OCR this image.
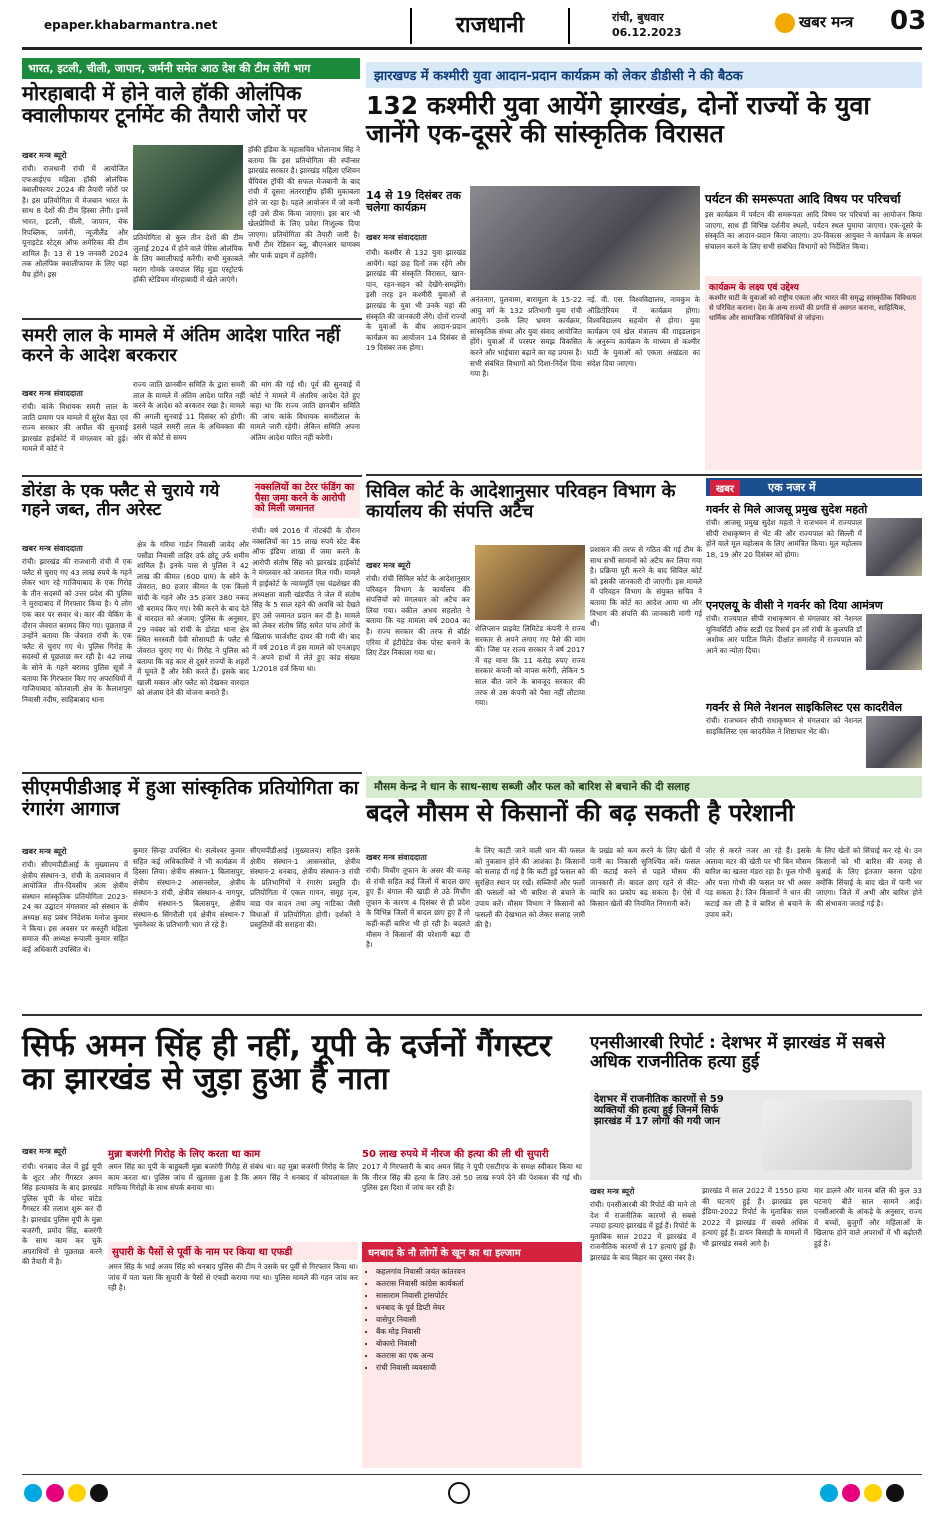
epaper.khabarmantra.net	राजधानी	रांची, बुधवार
06.12.2023
खबर मन्त्र 03
भारत, इटली, चीली, जापान, जर्मनी समेत आठ देश की टीम लेंगी भाग
मोरहाबादी में होने वाले हॉकी ओलंपिक क्वालीफायर टूर्नामेंट की तैयारी जोरों पर
खबर मन्त्र ब्यूरो
रांची। राजधानी रांची में आयोजित एफआईएच महिला हॉकी ओलंपिक क्वालीफायर 2024 की तैयारी जोरों पर है। इस प्रतियोगिता में मेजबान भारत के साथ 8 देशों की टीम हिस्सा लेंगी। इनमें भारत, इटली, चीली, जापान, चेक रिपब्लिक, जर्मनी, न्यूजीलैंड और यूनाइटेड स्टेट्स ऑफ अमेरिका की टीम शामिल हैं। 13 से 19 जनवरी 2024 तक ओलंपिक क्वालीफायर के लिए यहां मैच होंगे। इस
प्रतियोगिता से कुल तीन देशों की टीम जुलाई 2024 में होने वाले पेरिस ओलंपिक के लिए क्वालीफाई करेंगी। सभी मुकाबले मरांग गोमके जयपाल सिंह मुंडा एस्ट्रोटर्फ हॉकी स्टेडियम मोरहाबादी में खेले जाएंगे।
हॉकी इंडिया के महासचिव भोलानाथ सिंह ने बताया कि इस प्रतियोगिता की स्पॉन्सर झारखंड सरकार है। झारखंड महिला एशियन चैंपियंस ट्रॉफी की सफल मेजबानी के बाद रांची में दूसरा अंतरराष्ट्रीय हॉकी मुकाबला होने जा रहा है। पहले आयोजन में जो कमी रही उसे ठीक किया जाएगा। इस बार भी खेलप्रेमियों के लिए प्रवेश निःशुल्क दिया जाएगा। प्रतियोगिता की तैयारी जारी है। सभी टीम रेडिसन ब्लू, बीएनआर चाणक्य और पार्क प्राइम में ठहरेंगी।
समरी लाल के मामले में अंतिम आदेश पारित नहीं करने के आदेश बरकरार
खबर मन्त्र संवाददाता
रांची। कांके विधायक समरी लाल के जाति प्रमाण पत्र मामले में सुरेश बैठा एवं राज्य सरकार की अपील की सुनवाई झारखंड हाईकोर्ट में मंगलवार को हुई। मामले में कोर्ट ने
राज्य जाति छानबीन समिति के द्वारा समरी लाल के मामले में अंतिम आदेश पारित नहीं करने के आदेश को बरकरार रखा है। मामले की अगली सुनवाई 11 दिसंबर को होगी। इससे पहले समरी लाल के अधिवक्ता की ओर से कोर्ट से समय
की मांग की गई थी। पूर्व की सुनवाई में कोर्ट ने मामले में अंतरिम आदेश देते हुए कहा था कि राज्य जाति छानबीन समिति की जांच कांके विधायक समरीलाल के मामले जारी रहेगी। लेकिन समिति अपना अंतिम आदेश पारित नहीं करेगी।
डोरंडा के एक फ्लैट से चुराये गये गहने जब्त, तीन अरेस्ट
खबर मन्त्र संवाददाता
रांची। झारखंड की राजधानी रांची में एक फ्लैट से चुराए गए 43 लाख रुपये के गहने लेकर भाग रहे गाजियाबाद के एक गिरोह के तीन सदस्यों को उत्तर प्रदेश की पुलिस ने मुरादाबाद में गिरफ्तार किया है। ये लोग एक कार पर सवार थे। कार की चेकिंग के दौरान जेवरात बरामद किए गए। पूछताछ में उन्होंने बताया कि जेवरात रांची के एक फ्लैट से चुराए गए थे। पुलिस गिरोह के सदस्यों से पूछताछ कर रही है। 42 लाख के सोने के गहने बरामद पुलिस सूत्रों ने बताया कि गिरफ्तार किए गए अपराधियों में गाजियाबाद कोतवाली क्षेत्र के कैलाशपुरा निवासी नदीम, साहिबाबाद थाना
क्षेत्र के गरिमा गार्डन निवासी जावेद और पसौंडा निवासी ताहिर उर्फ छोटू उर्फ शमीम शामिल हैं। इनके पास से पुलिस ने 42 लाख की कीमत (600 ग्राम) के सोने के जेवरात, 80 हजार कीमत के एक किलो चांदी के गहने और 35 हजार 380 नकद भी बरामद किए गए। रेकी करने के बाद देते थे वारदात को अंजाम: पुलिस के अनुसार, 29 नवंबर को रांची के डोरंडा थाना क्षेत्र स्थित सरस्वती देवी सोसायटी के फ्लैट से जेवरात चुराए गए थे। गिरोह ने पुलिस को बताया कि वह कार से दूसरे राज्यों के शहरों में घूमते हैं और रेकी करते हैं। इसके बाद खाली मकान और फ्लैट को देखकर वारदात को अंजाम देने की योजना बनाते हैं।
नक्सलियों का टेरर फंडिंग का पैसा जमा करने के आरोपी को मिली जमानत
रांची। वर्ष 2016 में नोटबंदी के दौरान नक्सलियों का 15 लाख रुपये स्टेट बैंक ऑफ इंडिया शाखा में जमा करने के आरोपी संतोष सिंह को झारखंड हाईकोर्ट ने मंगलवार को जमानत मिल गयी। मामले में हाईकोर्ट के न्यायमूर्ति एस चंद्रशेखर की अध्यक्षता वाली खंडपीठ ने जेल में संतोष सिंह के 5 साल रहने की अवधि को देखते हुए उसे जमानत प्रदान कर दी है। मामले को लेकर संतोष सिंह समेत पांच लोगों के खिलाफ चार्जशीट दायर की गयी थी। बाद में वर्ष 2018 में इस मामले को एनआइए ने अपने हाथों में लेते हुए कांड संख्या 1/2018 दर्ज किया था।
झारखण्ड में कश्मीरी युवा आदान-प्रदान कार्यक्रम को लेकर डीडीसी ने की बैठक
132 कश्मीरी युवा आयेंगे झारखंड, दोनों राज्यों के युवा जानेंगे एक-दूसरे की सांस्कृतिक विरासत
14 से 19 दिसंबर तक चलेगा कार्यक्रम
खबर मन्त्र संवाददाता
रांची। कश्मीर से 132 युवा झारखंड आयेंगे। यहां छह दिनों तक रहेंगे और झारखंड की संस्कृति विरासत, खान-पान, रहन-सहन को देखेंगे-समझेंगे। इसी तरह इन कश्मीरी युवाओं से झारखंड के युवा भी उनके यहां की संस्कृति की जानकारी लेंगे। दोनों राज्यों के युवाओं के बीच आदान-प्रदान कार्यक्रम का आयोजन 14 दिसंबर से 19 दिसंबर तक होगा।
अनंतनाग, पुलवामा, बारामूला के 15-22 आयु वर्ग के 132 प्रतिभागी युवा रांची आएंगे। उनके लिए भ्रमण कार्यक्रम, सांस्कृतिक संध्या और युवा संवाद आयोजित होंगे। युवाओं में परस्पर समझ विकसित करने और भाईचारा बढ़ाने का यह प्रयास है। सभी संबंधित विभागों को दिशा-निर्देश दिया गया है।
नई. वी. एस. विश्वविद्यालय, नामकुम के ऑडिटोरियम में कार्यक्रम होगा। विश्वविद्यालय सहयोग से होगा। युवा कार्यक्रम एवं खेल मंत्रालय की गाइडलाइन के अनुरूप कार्यक्रम के माध्यम से कश्मीर घाटी के युवाओं को एकता अखंडता का संदेश दिया जाएगा।
पर्यटन की समरूपता आदि विषय पर परिचर्चा
इस कार्यक्रम में पर्यटन की समरूपता आदि विषय पर परिचर्चा का आयोजन किया जाएगा, साथ ही विभिन्न दर्शनीय स्थलों, पर्यटन स्थल घुमाया जाएगा। एक-दूसरे के संस्कृति का आदान-प्रदान किया जाएगा। उप-विकास आयुक्त ने कार्यक्रम के सफल संचालन करने के लिए सभी संबंधित विभागों को निर्देशित किया।
कार्यक्रम के लक्ष्य एवं उद्देश्य
कश्मीर घाटी के युवाओं को राष्ट्रीय एकता और भारत की समृद्ध सांस्कृतिक विविधता से परिचित कराना। देश के अन्य राज्यों की प्रगति से अवगत कराना, साहित्यिक, धार्मिक और सामाजिक गतिविधियों से जोड़ना।
सिविल कोर्ट के आदेशानुसार परिवहन विभाग के कार्यालय की संपत्ति अटैच
खबर मन्त्र ब्यूरो
रांची। रांची सिविल कोर्ट के आदेशानुसार परिवहन विभाग के कार्यालय की संपत्तियों को मंगलवार को अटैच कर लिया गया। वकील अभय सहलोत ने बताया कि यह मामला वर्ष 2004 का है। राज्य सरकार की तरफ से बॉर्डर एरिया में इंटीग्रेटेड चेक पोस्ट बनाने के लिए टेंडर निकाला गया था।
शेलिप्लान प्राइवेट लिमिटेड कंपनी ने राज्य सरकार से अपने लगाए गए पैसे की मांग की। जिस पर राज्य सरकार ने वर्ष 2017 में यह माना कि 11 करोड़ रुपए राज्य सरकार कंपनी को वापस करेगी, लेकिन 5 साल बीत जाने के बावजूद सरकार की तरफ से उस कंपनी को पैसा नहीं लौटाया गया।
प्रशासन की तरफ से गठित की गई टीम के साथ सभी सामानों को अटैच कर लिया गया है। प्रक्रिया पूरी करने के बाद सिविल कोर्ट को इसकी जानकारी दी जाएगी। इस मामले में परिवहन विभाग के संयुक्त सचिव ने बताया कि कोर्ट का आदेश आया था और विभाग की संपत्ति की जानकारी मांगी गई थी।
खबर	एक नजर में
गवर्नर से मिले आजसू प्रमुख सुदेश महतो
रांची। आजसू प्रमुख सुदेश महतो ने राजभवन में राज्यपाल सीपी राधाकृष्णन से भेंट की और राज्यपाल को सिल्ली में होने वाले मूल महोत्सव के लिए आमंत्रित किया। मूल महोत्सव 18, 19 और 20 दिसंबर को होगा।
एनएलयू के वीसी ने गवर्नर को दिया आमंत्रण
रांची। राज्यपाल सीपी राधाकृष्णन से मंगलवार को नेशनल यूनिवर्सिटी ऑफ स्टडी एंड रिसर्च इन लॉ रांची के कुलपति डॉ अशोक आर पाटिल मिले। दीक्षांत समारोह में राज्यपाल को आने का न्योता दिया।
गवर्नर से मिले नेशनल साइकिलिस्ट एस कादरीवेल
रांची। राजभवन सीपी राधाकृष्णन से मंगलवार को नेशनल साइकिलिस्ट एस कादरीवेल ने शिष्टाचार भेंट की।
सीएमपीडीआइ में हुआ सांस्कृतिक प्रतियोगिता का रंगारंग आगाज
खबर मन्त्र ब्यूरो
रांची। सीएमपीडीआई के मुख्यालय में क्षेत्रीय संस्थान-3, रांची के तत्वावधान में आयोजित तीन-दिवसीय अंतर क्षेत्रीय संस्थान सांस्कृतिक प्रतियोगिता 2023-24 का उद्घाटन मंगलवार को संस्थान के अध्यक्ष सह प्रबंध निदेशक मनोज कुमार ने किया। इस अवसर पर कस्तूरी महिला समाज की अध्यक्ष रूपाली कुमार सहित कई अधिकारी उपस्थित थे।
कुमार सिन्हा उपस्थित थे। सत्येश्वर कुमार सहित कई अधिकारियों ने भी कार्यक्रम में हिस्सा लिया। क्षेत्रीय संस्थान-1 बिलासपुर, क्षेत्रीय संस्थान-2 आसनसोल, क्षेत्रीय संस्थान-3 रांची, क्षेत्रीय संस्थान-4 नागपुर, क्षेत्रीय संस्थान-5 बिलासपुर, क्षेत्रीय संस्थान-6 सिंगरौली एवं क्षेत्रीय संस्थान-7 भुवनेश्वर के प्रतिभागी भाग ले रहे हैं।
सीएमपीडीआई (मुख्यालय) सहित इसके क्षेत्रीय संस्थान-1 आसनसोल, क्षेत्रीय संस्थान-2 धनबाद, क्षेत्रीय संस्थान-3 रांची के प्रतिभागियों ने रंगारंग प्रस्तुति दी। प्रतियोगिता में एकल गायन, समूह नृत्य, वाद्य यंत्र वादन तथा लघु नाटिका जैसी विधाओं में प्रतियोगिता होगी। दर्शकों ने प्रस्तुतियों की सराहना की।
मौसम केन्द्र ने धान के साथ-साथ सब्जी और फल को बारिश से बचाने की दी सलाह
बदले मौसम से किसानों की बढ़ सकती है परेशानी
खबर मन्त्र संवाददाता
रांची। मिचौंग तूफान के असर की वजह से रांची सहित कई जिलों में बादल छाए हुए हैं। बंगाल की खाड़ी से उठे मिचौंग तूफान के कारण 4 दिसंबर से ही प्रदेश के विभिन्न जिलों में बादल छाए हुए हैं तो कहीं-कहीं बारिश भी हो रही है। बदलते मौसम ने किसानों की परेशानी बढ़ा दी है।
के लिए काटी जाने वाली धान की फसल को नुकसान होने की आशंका है। किसानों को सलाह दी गई है कि कटी हुई फसल को सुरक्षित स्थान पर रखें। सब्जियों और फलों की फसलों को भी बारिश से बचाने के उपाय करें। मौसम विभाग ने किसानों को फसलों की देखभाल को लेकर सलाह जारी की है।
के प्रखंड को कम करने के लिए खेतों में पानी का निकासी सुनिश्चित करें। फसल की कटाई करने से पहले मौसम की जानकारी लें। बादल छाए रहने से कीट-व्याधि का प्रकोप बढ़ सकता है। ऐसे में किसान खेतों की नियमित निगरानी करें।
जोर से करते नजर आ रहे हैं। इसके अलावा मटर की खेती पर भी बिन मौसम बारिश का खतरा मंडरा रहा है। फूल गोभी और पत्ता गोभी की फसल पर भी असर पड़ सकता है। जिन किसानों ने धान की कटाई कर ली है वे बारिश से बचाने के उपाय करें।
के लिए खेतों को सिंचाई कर रहे थे। उन किसानों को भी बारिश की वजह से बुआई के लिए इंतजार करना पड़ेगा क्योंकि सिंचाई के बाद खेत में पानी भर जाएगा। जिले में अभी और बारिश होने की संभावना जताई गई है।
सिर्फ अमन सिंह ही नहीं, यूपी के दर्जनों गैंगस्टर का झारखंड से जुड़ा हुआ है नाता
खबर मन्त्र ब्यूरो
रांची। धनबाद जेल में हुई यूपी के शूटर और गैंगस्टर अमन सिंह हत्याकांड के बाद झारखंड पुलिस यूपी के मोस्ट वांटेड गैंगस्टर की तलाश शुरू कर दी है। झारखंड पुलिस यूपी के मुन्ना बजरंगी, प्रमोद सिंह, बजरंगी के साथ काम कर चुके अपराधियों से पूछताछ करने की तैयारी में है।
मुन्ना बजरंगी गिरोह के लिए करता था काम
अमन सिंह का यूपी के बाहुबली मुन्ना बजरंगी गिरोह से संबंध था। वह मुन्ना बजरंगी गिरोह के लिए काम करता था। पुलिस जांच में खुलासा हुआ है कि अमन सिंह ने धनबाद में कोयलांचल के माफिया गिरोहों के साथ संपर्क बनाया था।
सुपारी के पैसों से पूर्वी के नाम पर किया था एफडी
अमन सिंह के भाई अजय सिंह को धनबाद पुलिस की टीम ने उसके घर पूर्वी से गिरफ्तार किया था। जांच में पता चला कि सुपारी के पैसों से एफडी कराया गया था। पुलिस मामले की गहन जांच कर रही है।
50 लाख रुपये में नीरज की हत्या की ली थी सुपारी
2017 में गिरफ्तारी के बाद अमन सिंह ने यूपी एसटीएफ के समक्ष स्वीकार किया था कि नीरज सिंह की हत्या के लिए उसे 50 लाख रुपये देने की पेशकश की गई थी। पुलिस इस दिशा में जांच कर रही है।
धनबाद के नौ लोगों के खून का था इल्जाम
• कहलगांव निवासी जयंत कांतरवन
• कतरास निवासी कांग्रेस कार्यकर्ता
• सासाराम निवासी ट्रांसपोर्टर
• धनबाद के पूर्व डिप्टी मेयर
• वासेपुर निवासी
• बैंक मोड़ निवासी
• बोकारो निवासी
• कतरास का एक अन्य
• रांची निवासी व्यवसायी
एनसीआरबी रिपोर्ट : देशभर में झारखंड में सबसे अधिक राजनीतिक हत्या हुई
देशभर में राजनीतिक कारणों से 59 व्यक्तियों की हत्या हुई जिनमें सिर्फ झारखंड में 17 लोगों की गयी जान
खबर मन्त्र ब्यूरो
रांची। एनसीआरबी की रिपोर्ट की माने तो देश में राजनीतिक कारणों से सबसे ज्यादा हत्याएं झारखंड में हुई हैं। रिपोर्ट के मुताबिक साल 2022 में झारखंड में राजनीतिक कारणों से 17 हत्याएं हुई हैं। झारखंड के बाद बिहार का दूसरा नंबर है।
झारखंड में साल 2022 में 1550 हत्या की घटनाएं हुई हैं। झारखंड इस ईडिया-2022 रिपोर्ट के मुताबिक साल 2022 में झारखंड में सबसे अधिक हत्याएं हुई हैं। डायन बिसाही के मामलों में भी झारखंड सबसे आगे है।
मार डालने और मानव बलि की कुल 33 घटनाएं बीते साल सामने आईं। एनसीआरबी के आंकड़े के अनुसार, राज्य में बच्चों, बुजुर्गों और महिलाओं के खिलाफ होने वाले अपराधों में भी बढ़ोतरी हुई है।
